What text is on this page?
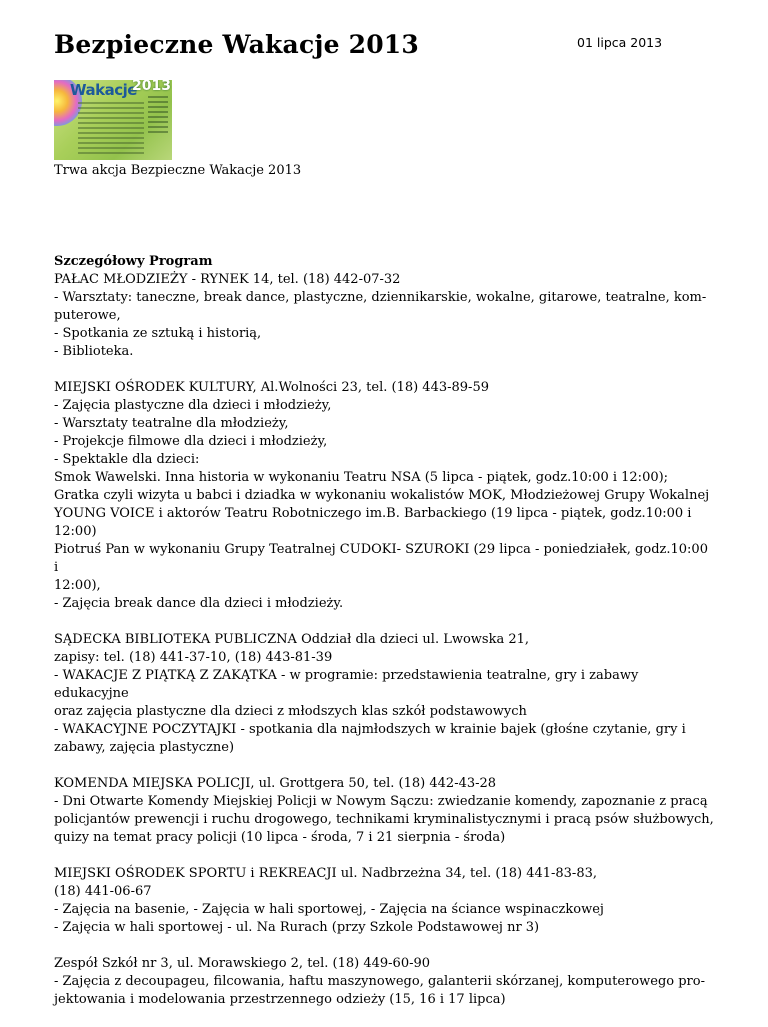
Bezpieczne Wakacje 2013	01 lipca 2013
Wakacje
2013

Trwa akcja Bezpieczne Wakacje 2013

Szczegółowy Program

PAŁAC MŁODZIEŻY - RYNEK 14, tel. (18) 442-07-32
- Warsztaty: taneczne, break dance, plastyczne, dziennikarskie, wokalne, gitarowe, teatralne, kom-
puterowe,
- Spotkania ze sztuką i historią,
- Biblioteka.
MIEJSKI OŚRODEK KULTURY, Al.Wolności 23, tel. (18) 443-89-59
- Zajęcia plastyczne dla dzieci i młodzieży,
- Warsztaty teatralne dla młodzieży,
- Projekcje filmowe dla dzieci i młodzieży,
- Spektakle dla dzieci:
Smok Wawelski. Inna historia w wykonaniu Teatru NSA (5 lipca - piątek, godz.10:00 i 12:00);
Gratka czyli wizyta u babci i dziadka w wykonaniu wokalistów MOK, Młodzieżowej Grupy Wokalnej
YOUNG VOICE i aktorów Teatru Robotniczego im.B. Barbackiego (19 lipca - piątek, godz.10:00 i
12:00)
Piotruś Pan w wykonaniu Grupy Teatralnej CUDOKI- SZUROKI (29 lipca - poniedziałek, godz.10:00 i
12:00),
- Zajęcia break dance dla dzieci i młodzieży.
SĄDECKA BIBLIOTEKA PUBLICZNA Oddział dla dzieci ul. Lwowska 21,
zapisy: tel. (18) 441-37-10, (18) 443-81-39
- WAKACJE Z PIĄTKĄ Z ZAKĄTKA - w programie: przedstawienia teatralne, gry i zabawy edukacyjne
oraz zajęcia plastyczne dla dzieci z młodszych klas szkół podstawowych
- WAKACYJNE POCZYTAJKI - spotkania dla najmłodszych w krainie bajek (głośne czytanie, gry i
zabawy, zajęcia plastyczne)
KOMENDA MIEJSKA POLICJI, ul. Grottgera 50, tel. (18) 442-43-28
- Dni Otwarte Komendy Miejskiej Policji w Nowym Sączu: zwiedzanie komendy, zapoznanie z pracą
policjantów prewencji i ruchu drogowego, technikami kryminalistycznymi i pracą psów służbowych,
quizy na temat pracy policji (10 lipca - środa, 7 i 21 sierpnia - środa)
MIEJSKI OŚRODEK SPORTU i REKREACJI ul. Nadbrzeżna 34, tel. (18) 441-83-83,
(18) 441-06-67
- Zajęcia na basenie, - Zajęcia w hali sportowej, - Zajęcia na ściance wspinaczkowej
- Zajęcia w hali sportowej - ul. Na Rurach (przy Szkole Podstawowej nr 3)
Zespół Szkół nr 3, ul. Morawskiego 2, tel. (18) 449-60-90
- Zajęcia z decoupageu, filcowania, haftu maszynowego, galanterii skórzanej, komputerowego pro-
jektowania i modelowania przestrzennego odzieży (15, 16 i 17 lipca)
